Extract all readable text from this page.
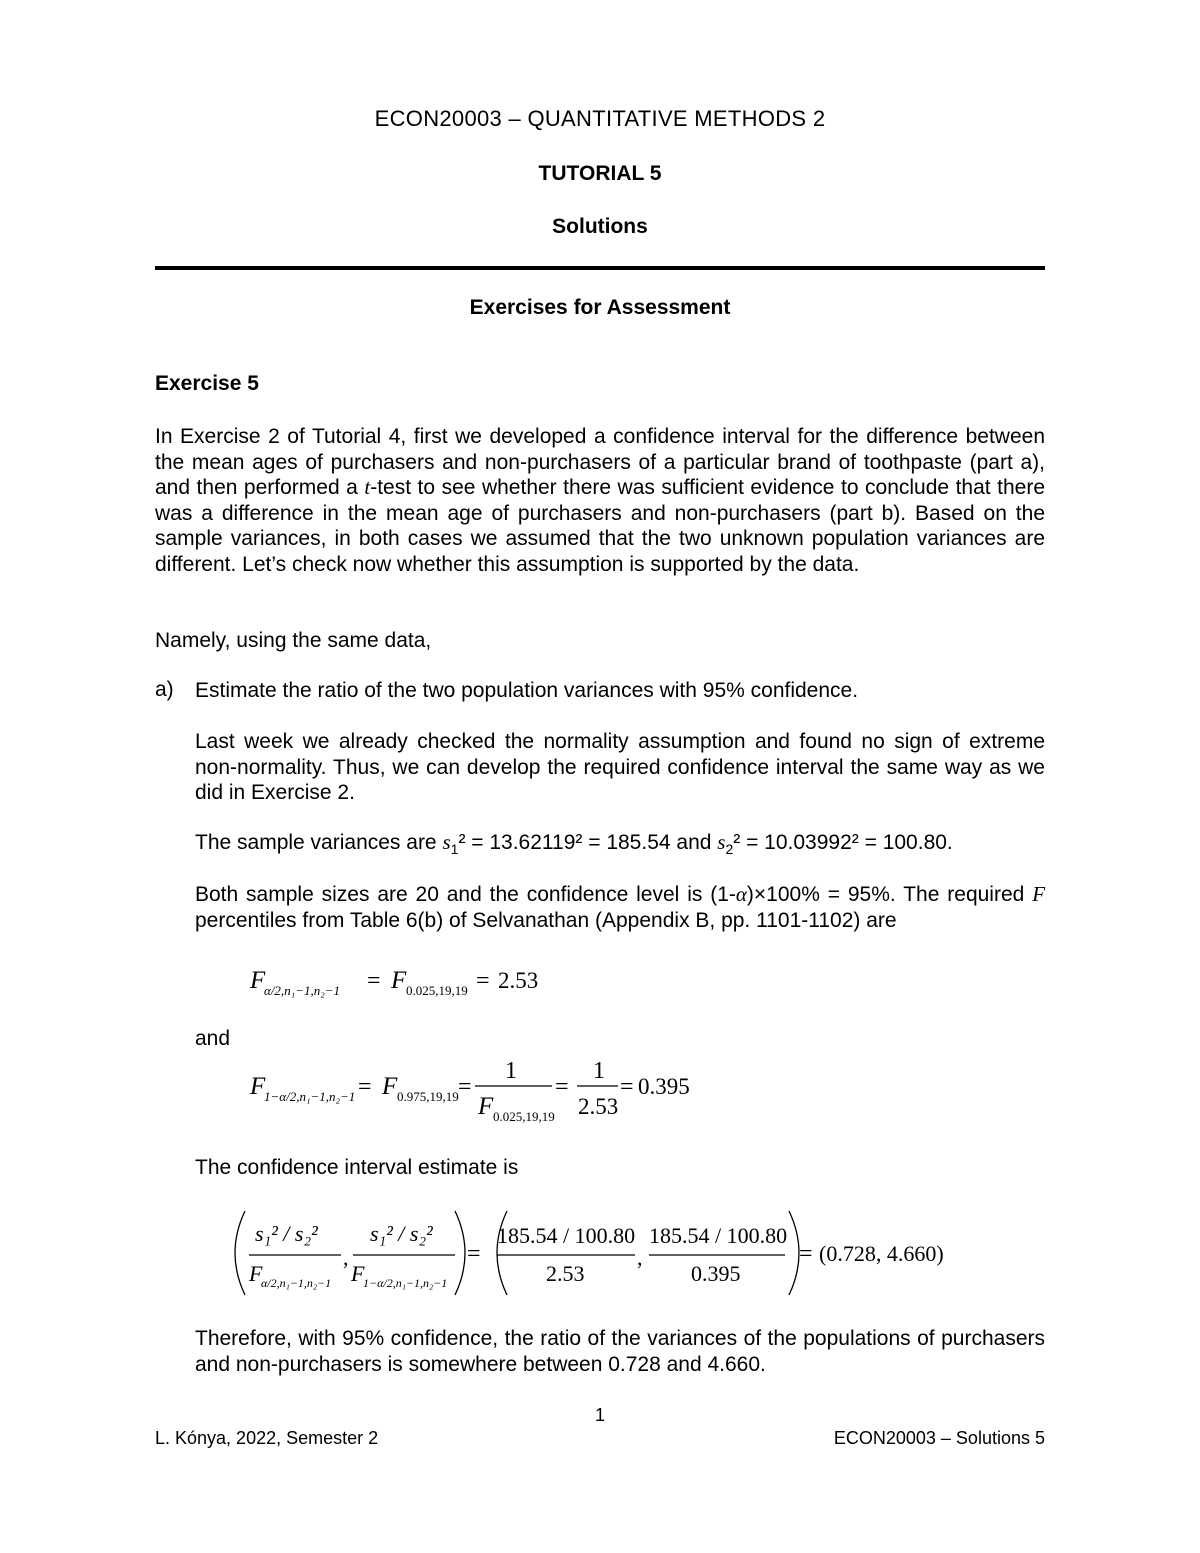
ECON20003 – QUANTITATIVE METHODS 2
TUTORIAL 5
Solutions
Exercises for Assessment
Exercise 5
In Exercise 2 of Tutorial 4, first we developed a confidence interval for the difference between the mean ages of purchasers and non-purchasers of a particular brand of toothpaste (part a), and then performed a t-test to see whether there was sufficient evidence to conclude that there was a difference in the mean age of purchasers and non-purchasers (part b). Based on the sample variances, in both cases we assumed that the two unknown population variances are different. Let’s check now whether this assumption is supported by the data.
Namely, using the same data,
a) Estimate the ratio of the two population variances with 95% confidence.
Last week we already checked the normality assumption and found no sign of extreme non-normality. Thus, we can develop the required confidence interval the same way as we did in Exercise 2.
The sample variances are $s_1^2 = 13.62119^2 = 185.54$ and $s_2^2 = 10.03992^2 = 100.80$.
Both sample sizes are 20 and the confidence level is (1-α)×100% = 95%. The required F percentiles from Table 6(b) of Selvanathan (Appendix B, pp. 1101-1102) are
F
α/2,n₁−1,n₂−1 = F 0.025,19,19 = 2.53
and
F
1−α/2,n₁−1,n₂−1 = F 0.975,19,19 =
1
F 0.025,19,19
=
1
2.53
= 0.395
The confidence interval estimate is
s₁² / s₂²
F
α/2,n₁−1,n₂−1
,
s₁² / s₂²
F
1−α/2,n₁−1,n₂−1
=
185.54 / 100.80
2.53
,
185.54 / 100.80
0.395
= (0.728, 4.660)
Therefore, with 95% confidence, the ratio of the variances of the populations of purchasers and non-purchasers is somewhere between 0.728 and 4.660.
1
L. Kónya, 2022, Semester 2	ECON20003 – Solutions 5
